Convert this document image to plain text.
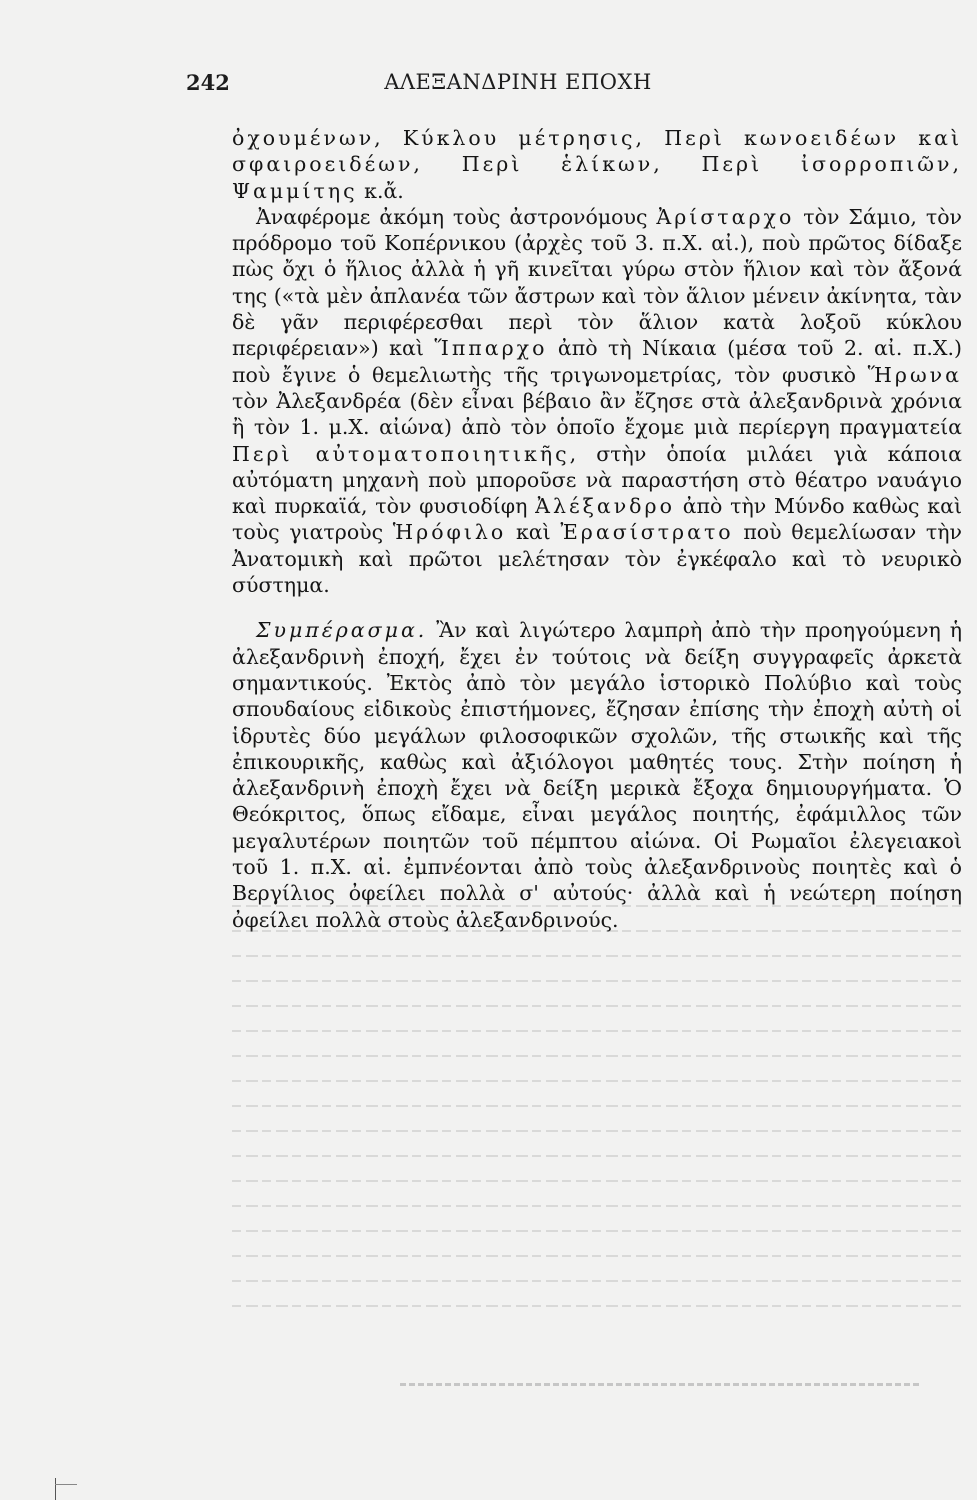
242	ΑΛΕΞΑΝΔΡΙΝΗ ΕΠΟΧΗ

ὀχουμένων, Κύκλου μέτρησις, Περὶ κωνοειδέων καὶ σφαιροειδέων, Περὶ ἑλίκων, Περὶ ἰσορροπιῶν, Ψαμμίτης κ.ἄ.

Ἀναφέρομε ἀκόμη τοὺς ἀστρονόμους Ἀρίσταρχο τὸν Σάμιο, τὸν πρόδρομο τοῦ Κοπέρνικου (ἀρχὲς τοῦ 3. π.Χ. αἰ.), ποὺ πρῶτος δίδαξε πὼς ὄχι ὁ ἥλιος ἀλλὰ ἡ γῆ κινεῖται γύρω στὸν ἥλιον καὶ τὸν ἄξονά της («τὰ μὲν ἀπλανέα τῶν ἄστρων καὶ τὸν ἅλιον μένειν ἀκίνητα, τὰν δὲ γᾶν περιφέρεσθαι περὶ τὸν ἅλιον κατὰ λοξοῦ κύκλου περιφέρειαν») καὶ Ἵππαρχο ἀπὸ τὴ Νίκαια (μέσα τοῦ 2. αἰ. π.Χ.) ποὺ ἔγινε ὁ θεμελιωτὴς τῆς τριγωνομετρίας, τὸν φυσικὸ Ἥρωνα τὸν Ἀλεξανδρέα (δὲν εἶναι βέβαιο ἂν ἔζησε στὰ ἀλεξανδρινὰ χρόνια ἢ τὸν 1. μ.Χ. αἰώνα) ἀπὸ τὸν ὁποῖο ἔχομε μιὰ περίεργη πραγματεία Περὶ αὐτοματοποιητικῆς, στὴν ὁποία μιλάει γιὰ κάποια αὐτόματη μηχανὴ ποὺ μποροῦσε νὰ παραστήση στὸ θέατρο ναυάγιο καὶ πυρκαϊά, τὸν φυσιοδίφη Ἀλέξανδρο ἀπὸ τὴν Μύνδο καθὼς καὶ τοὺς γιατροὺς Ἡρόφιλο καὶ Ἐρασίστρατο ποὺ θεμελίωσαν τὴν Ἀνατομικὴ καὶ πρῶτοι μελέτησαν τὸν ἐγκέφαλο καὶ τὸ νευρικὸ σύστημα.

Συμπέρασμα. Ἂν καὶ λιγώτερο λαμπρὴ ἀπὸ τὴν προηγούμενη ἡ ἀλεξανδρινὴ ἐποχή, ἔχει ἐν τούτοις νὰ δείξη συγγραφεῖς ἀρκετὰ σημαντικούς. Ἐκτὸς ἀπὸ τὸν μεγάλο ἱστορικὸ Πολύβιο καὶ τοὺς σπουδαίους εἰδικοὺς ἐπιστήμονες, ἔζησαν ἐπίσης τὴν ἐποχὴ αὐτὴ οἱ ἱδρυτὲς δύο μεγάλων φιλοσοφικῶν σχολῶν, τῆς στωικῆς καὶ τῆς ἐπικουρικῆς, καθὼς καὶ ἀξιόλογοι μαθητές τους. Στὴν ποίηση ἡ ἀλεξανδρινὴ ἐποχὴ ἔχει νὰ δείξη μερικὰ ἔξοχα δημιουργήματα. Ὁ Θεόκριτος, ὅπως εἴδαμε, εἶναι μεγάλος ποιητής, ἐφάμιλλος τῶν μεγαλυτέρων ποιητῶν τοῦ πέμπτου αἰώνα. Οἱ Ρωμαῖοι ἐλεγειακοὶ τοῦ 1. π.Χ. αἰ. ἐμπνέονται ἀπὸ τοὺς ἀλεξανδρινοὺς ποιητὲς καὶ ὁ Βεργίλιος ὀφείλει πολλὰ σ' αὐτούς· ἀλλὰ καὶ ἡ νεώτερη ποίηση ὀφείλει πολλὰ στοὺς ἀλεξανδρινούς.
